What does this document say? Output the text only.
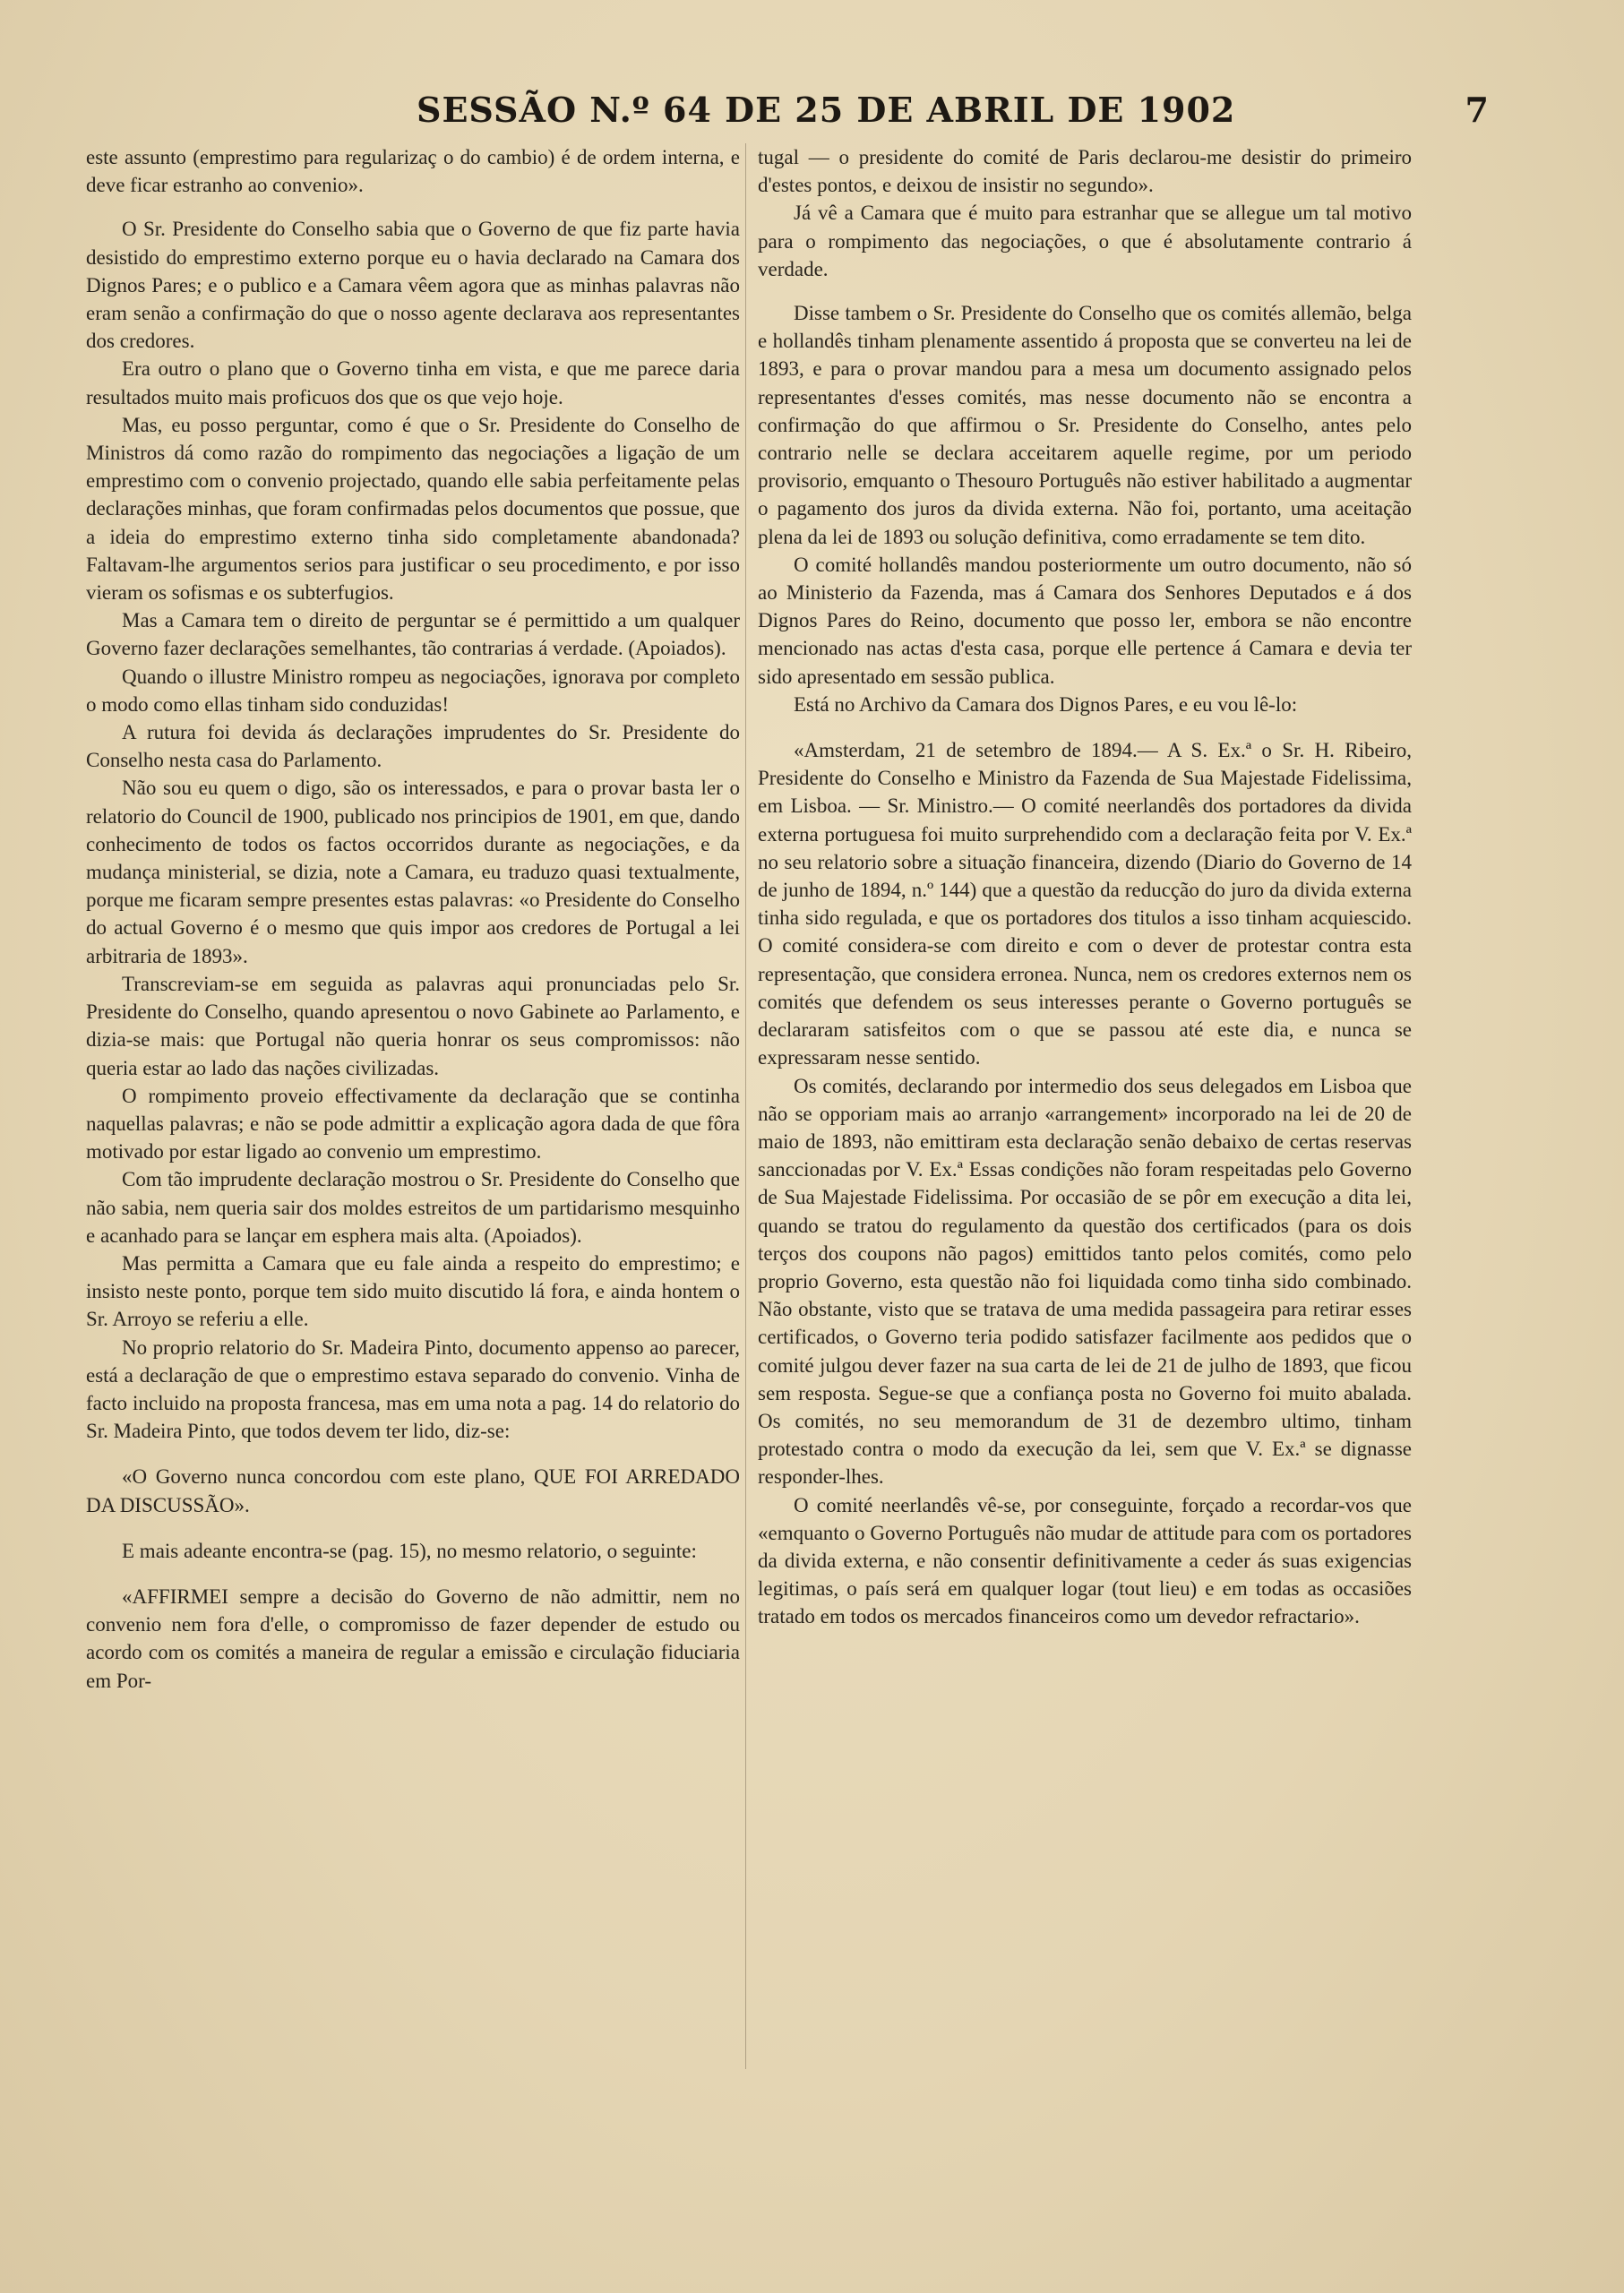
SESSÃO N.º 64 DE 25 DE ABRIL DE 1902	7

este assunto (emprestimo para regularizaç o do cambio) é de ordem interna, e deve ficar estranho ao convenio».

O Sr. Presidente do Conselho sabia que o Governo de que fiz parte havia desistido do emprestimo externo porque eu o havia declarado na Camara dos Dignos Pares; e o publico e a Camara vêem agora que as minhas palavras não eram senão a confirmação do que o nosso agente declarava aos representantes dos credores.

Era outro o plano que o Governo tinha em vista, e que me parece daria resultados muito mais proficuos dos que os que vejo hoje.

Mas, eu posso perguntar, como é que o Sr. Presidente do Conselho de Ministros dá como razão do rompimento das negociações a ligação de um emprestimo com o convenio projectado, quando elle sabia perfeitamente pelas declarações minhas, que foram confirmadas pelos documentos que possue, que a ideia do emprestimo externo tinha sido completamente abandonada? Faltavam-lhe argumentos serios para justificar o seu procedimento, e por isso vieram os sofismas e os subterfugios.

Mas a Camara tem o direito de perguntar se é permittido a um qualquer Governo fazer declarações semelhantes, tão contrarias á verdade. (Apoiados).

Quando o illustre Ministro rompeu as negociações, ignorava por completo o modo como ellas tinham sido conduzidas!

A rutura foi devida ás declarações imprudentes do Sr. Presidente do Conselho nesta casa do Parlamento.

Não sou eu quem o digo, são os interessados, e para o provar basta ler o relatorio do Council de 1900, publicado nos principios de 1901, em que, dando conhecimento de todos os factos occorridos durante as negociações, e da mudança ministerial, se dizia, note a Camara, eu traduzo quasi textualmente, porque me ficaram sempre presentes estas palavras: «o Presidente do Conselho do actual Governo é o mesmo que quis impor aos credores de Portugal a lei arbitraria de 1893».

Transcreviam-se em seguida as palavras aqui pronunciadas pelo Sr. Presidente do Conselho, quando apresentou o novo Gabinete ao Parlamento, e dizia-se mais: que Portugal não queria honrar os seus compromissos: não queria estar ao lado das nações civilizadas.

O rompimento proveio effectivamente da declaração que se continha naquellas palavras; e não se pode admittir a explicação agora dada de que fôra motivado por estar ligado ao convenio um emprestimo.

Com tão imprudente declaração mostrou o Sr. Presidente do Conselho que não sabia, nem queria sair dos moldes estreitos de um partidarismo mesquinho e acanhado para se lançar em esphera mais alta. (Apoiados).

Mas permitta a Camara que eu fale ainda a respeito do emprestimo; e insisto neste ponto, porque tem sido muito discutido lá fora, e ainda hontem o Sr. Arroyo se referiu a elle.

No proprio relatorio do Sr. Madeira Pinto, documento appenso ao parecer, está a declaração de que o emprestimo estava separado do convenio. Vinha de facto incluido na proposta francesa, mas em uma nota a pag. 14 do relatorio do Sr. Madeira Pinto, que todos devem ter lido, diz-se:

«O Governo nunca concordou com este plano, QUE FOI ARREDADO DA DISCUSSÃO».

E mais adeante encontra-se (pag. 15), no mesmo relatorio, o seguinte:

«AFFIRMEI sempre a decisão do Governo de não admittir, nem no convenio nem fora d'elle, o compromisso de fazer depender de estudo ou acordo com os comités a maneira de regular a emissão e circulação fiduciaria em Por-

tugal — o presidente do comité de Paris declarou-me desistir do primeiro d'estes pontos, e deixou de insistir no segundo».

Já vê a Camara que é muito para estranhar que se allegue um tal motivo para o rompimento das negociações, o que é absolutamente contrario á verdade.

Disse tambem o Sr. Presidente do Conselho que os comités allemão, belga e hollandês tinham plenamente assentido á proposta que se converteu na lei de 1893, e para o provar mandou para a mesa um documento assignado pelos representantes d'esses comités, mas nesse documento não se encontra a confirmação do que affirmou o Sr. Presidente do Conselho, antes pelo contrario nelle se declara acceitarem aquelle regime, por um periodo provisorio, emquanto o Thesouro Português não estiver habilitado a augmentar o pagamento dos juros da divida externa. Não foi, portanto, uma aceitação plena da lei de 1893 ou solução definitiva, como erradamente se tem dito.

O comité hollandês mandou posteriormente um outro documento, não só ao Ministerio da Fazenda, mas á Camara dos Senhores Deputados e á dos Dignos Pares do Reino, documento que posso ler, embora se não encontre mencionado nas actas d'esta casa, porque elle pertence á Camara e devia ter sido apresentado em sessão publica.

Está no Archivo da Camara dos Dignos Pares, e eu vou lê-lo:

«Amsterdam, 21 de setembro de 1894.— A S. Ex.ª o Sr. H. Ribeiro, Presidente do Conselho e Ministro da Fazenda de Sua Majestade Fidelissima, em Lisboa. — Sr. Ministro.— O comité neerlandês dos portadores da divida externa portuguesa foi muito surprehendido com a declaração feita por V. Ex.ª no seu relatorio sobre a situação financeira, dizendo (Diario do Governo de 14 de junho de 1894, n.º 144) que a questão da reducção do juro da divida externa tinha sido regulada, e que os portadores dos titulos a isso tinham acquiescido. O comité considera-se com direito e com o dever de protestar contra esta representação, que considera erronea. Nunca, nem os credores externos nem os comités que defendem os seus interesses perante o Governo português se declararam satisfeitos com o que se passou até este dia, e nunca se expressaram nesse sentido.

Os comités, declarando por intermedio dos seus delegados em Lisboa que não se opporiam mais ao arranjo «arrangement» incorporado na lei de 20 de maio de 1893, não emittiram esta declaração senão debaixo de certas reservas sanccionadas por V. Ex.ª Essas condições não foram respeitadas pelo Governo de Sua Majestade Fidelissima. Por occasião de se pôr em execução a dita lei, quando se tratou do regulamento da questão dos certificados (para os dois terços dos coupons não pagos) emittidos tanto pelos comités, como pelo proprio Governo, esta questão não foi liquidada como tinha sido combinado. Não obstante, visto que se tratava de uma medida passageira para retirar esses certificados, o Governo teria podido satisfazer facilmente aos pedidos que o comité julgou dever fazer na sua carta de lei de 21 de julho de 1893, que ficou sem resposta. Segue-se que a confiança posta no Governo foi muito abalada. Os comités, no seu memorandum de 31 de dezembro ultimo, tinham protestado contra o modo da execução da lei, sem que V. Ex.ª se dignasse responder-lhes.

O comité neerlandês vê-se, por conseguinte, forçado a recordar-vos que «emquanto o Governo Português não mudar de attitude para com os portadores da divida externa, e não consentir definitivamente a ceder ás suas exigencias legitimas, o país será em qualquer logar (tout lieu) e em todas as occasiões tratado em todos os mercados financeiros como um devedor refractario».
